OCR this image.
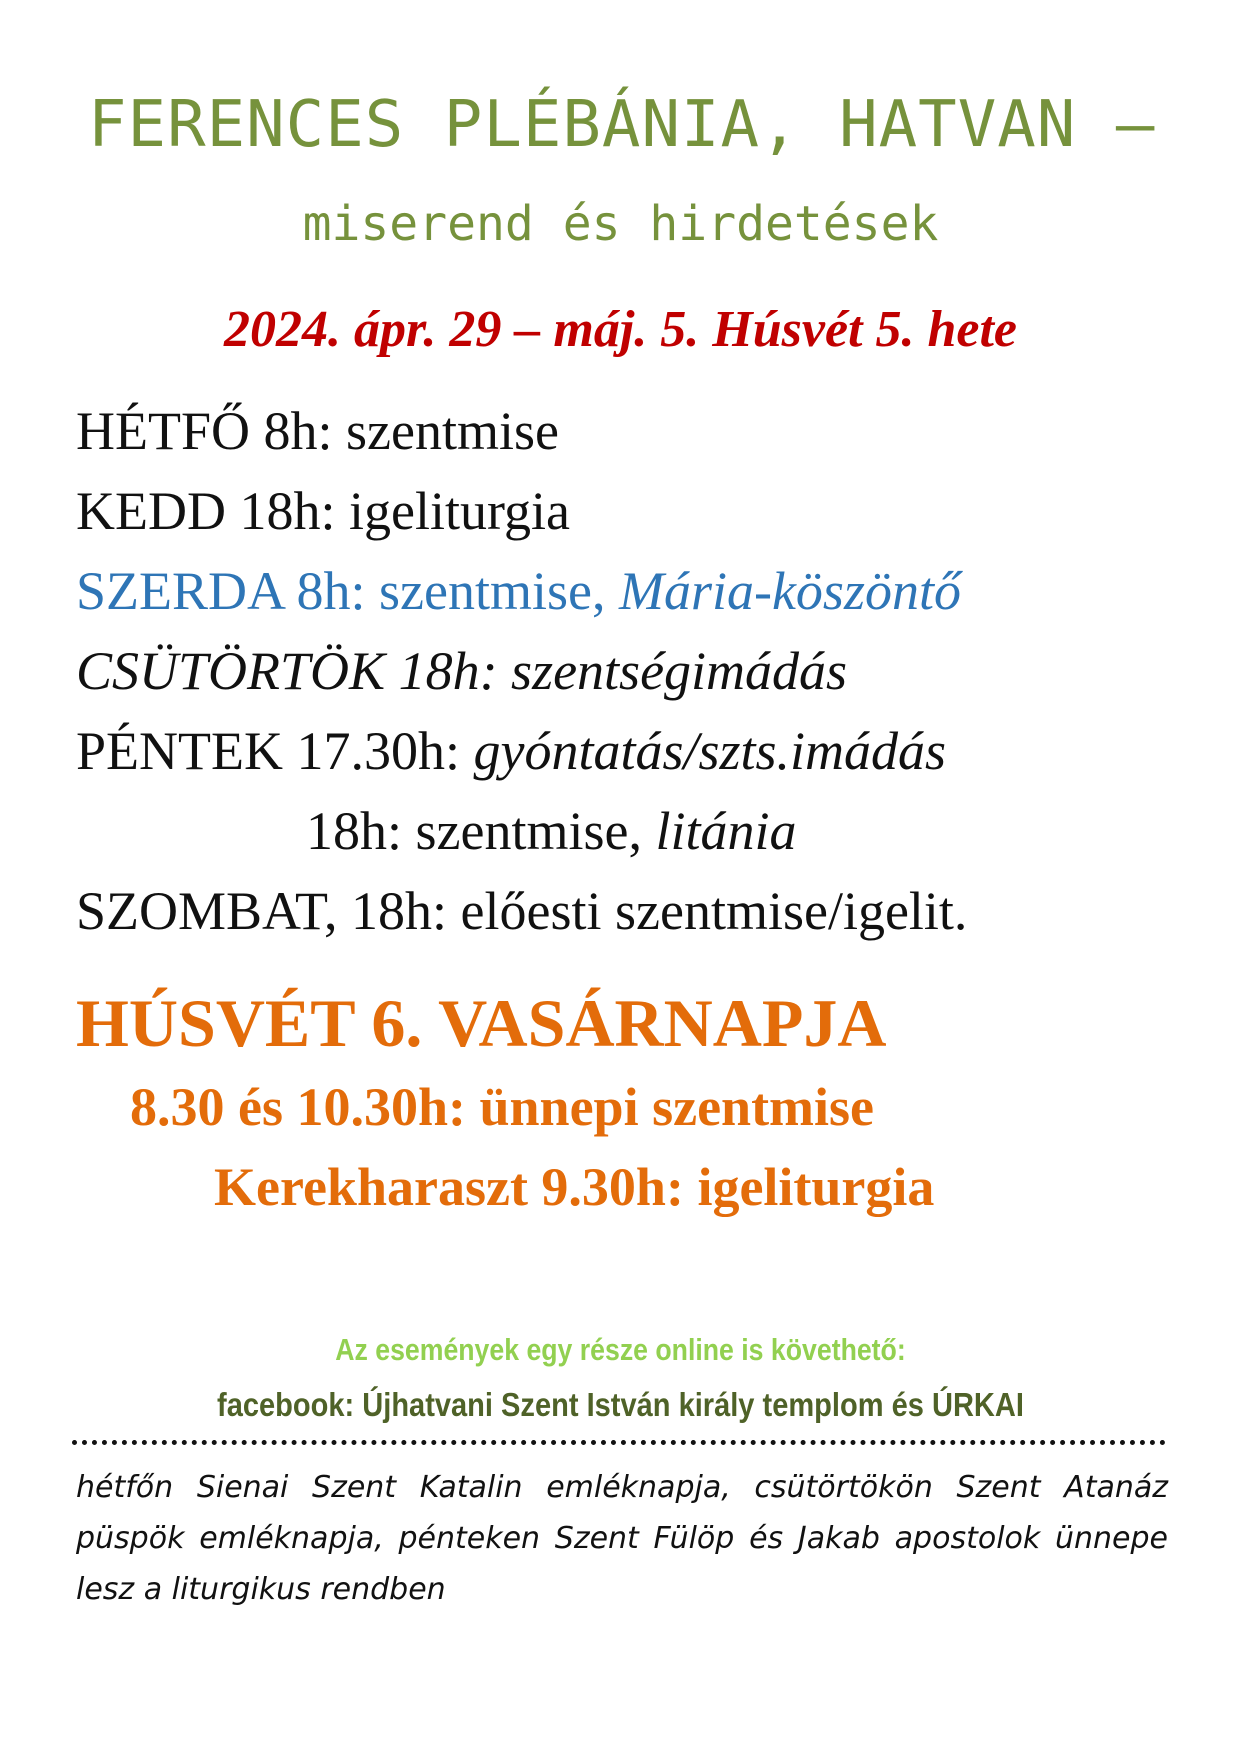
FERENCES PLÉBÁNIA, HATVAN –
miserend és hirdetések
2024. ápr. 29 – máj. 5. Húsvét 5. hete
HÉTFŐ 8h: szentmise
KEDD 18h: igeliturgia
SZERDA 8h: szentmise, Mária-köszöntő
CSÜTÖRTÖK 18h: szentségimádás
PÉNTEK 17.30h: gyóntatás/szts.imádás
18h: szentmise, litánia
SZOMBAT, 18h: előesti szentmise/igelit.
HÚSVÉT 6. VASÁRNAPJA
8.30 és 10.30h: ünnepi szentmise
Kerekharaszt 9.30h: igeliturgia
Az események egy része online is követhető:
facebook: Újhatvani Szent István király templom és ÚRKAI
hétfőn Sienai Szent Katalin emléknapja, csütörtökön Szent Atanáz püspök emléknapja, pénteken Szent Fülöp és Jakab apostolok ünnepe lesz a liturgikus rendben
